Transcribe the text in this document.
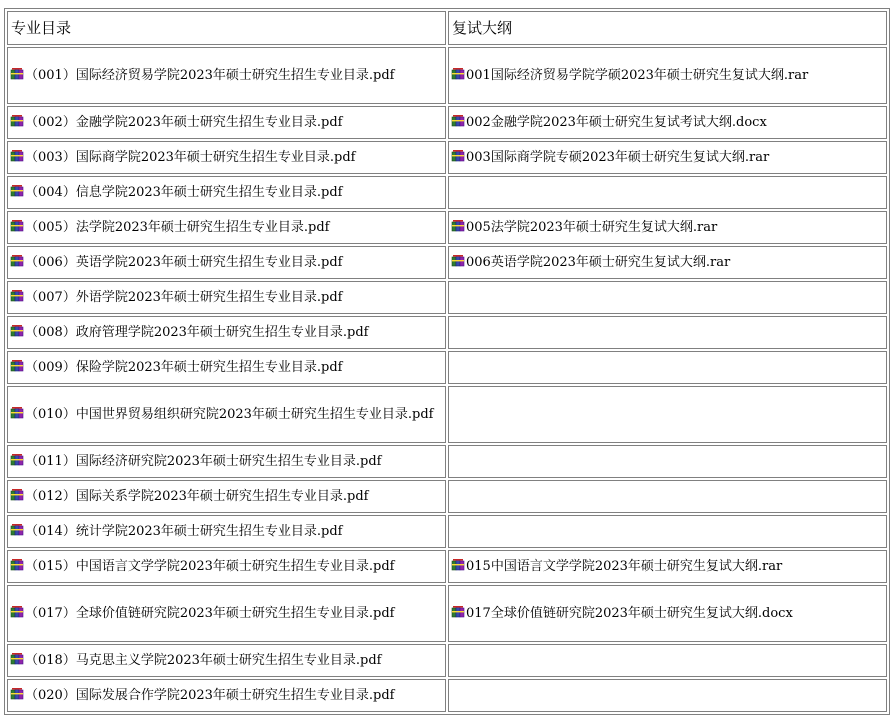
专业目录	复试大纲
（001）国际经济贸易学院2023年硕士研究生招生专业目录.pdf	001国际经济贸易学院学硕2023年硕士研究生复试大纲.rar
（002）金融学院2023年硕士研究生招生专业目录.pdf	002金融学院2023年硕士研究生复试考试大纲.docx
（003）国际商学院2023年硕士研究生招生专业目录.pdf	003国际商学院专硕2023年硕士研究生复试大纲.rar
（004）信息学院2023年硕士研究生招生专业目录.pdf	
（005）法学院2023年硕士研究生招生专业目录.pdf	005法学院2023年硕士研究生复试大纲.rar
（006）英语学院2023年硕士研究生招生专业目录.pdf	006英语学院2023年硕士研究生复试大纲.rar
（007）外语学院2023年硕士研究生招生专业目录.pdf	
（008）政府管理学院2023年硕士研究生招生专业目录.pdf	
（009）保险学院2023年硕士研究生招生专业目录.pdf	
（010）中国世界贸易组织研究院2023年硕士研究生招生专业目录.pdf	
（011）国际经济研究院2023年硕士研究生招生专业目录.pdf	
（012）国际关系学院2023年硕士研究生招生专业目录.pdf	
（014）统计学院2023年硕士研究生招生专业目录.pdf	
（015）中国语言文学学院2023年硕士研究生招生专业目录.pdf	015中国语言文学学院2023年硕士研究生复试大纲.rar
（017）全球价值链研究院2023年硕士研究生招生专业目录.pdf	017全球价值链研究院2023年硕士研究生复试大纲.docx
（018）马克思主义学院2023年硕士研究生招生专业目录.pdf	
（020）国际发展合作学院2023年硕士研究生招生专业目录.pdf	
